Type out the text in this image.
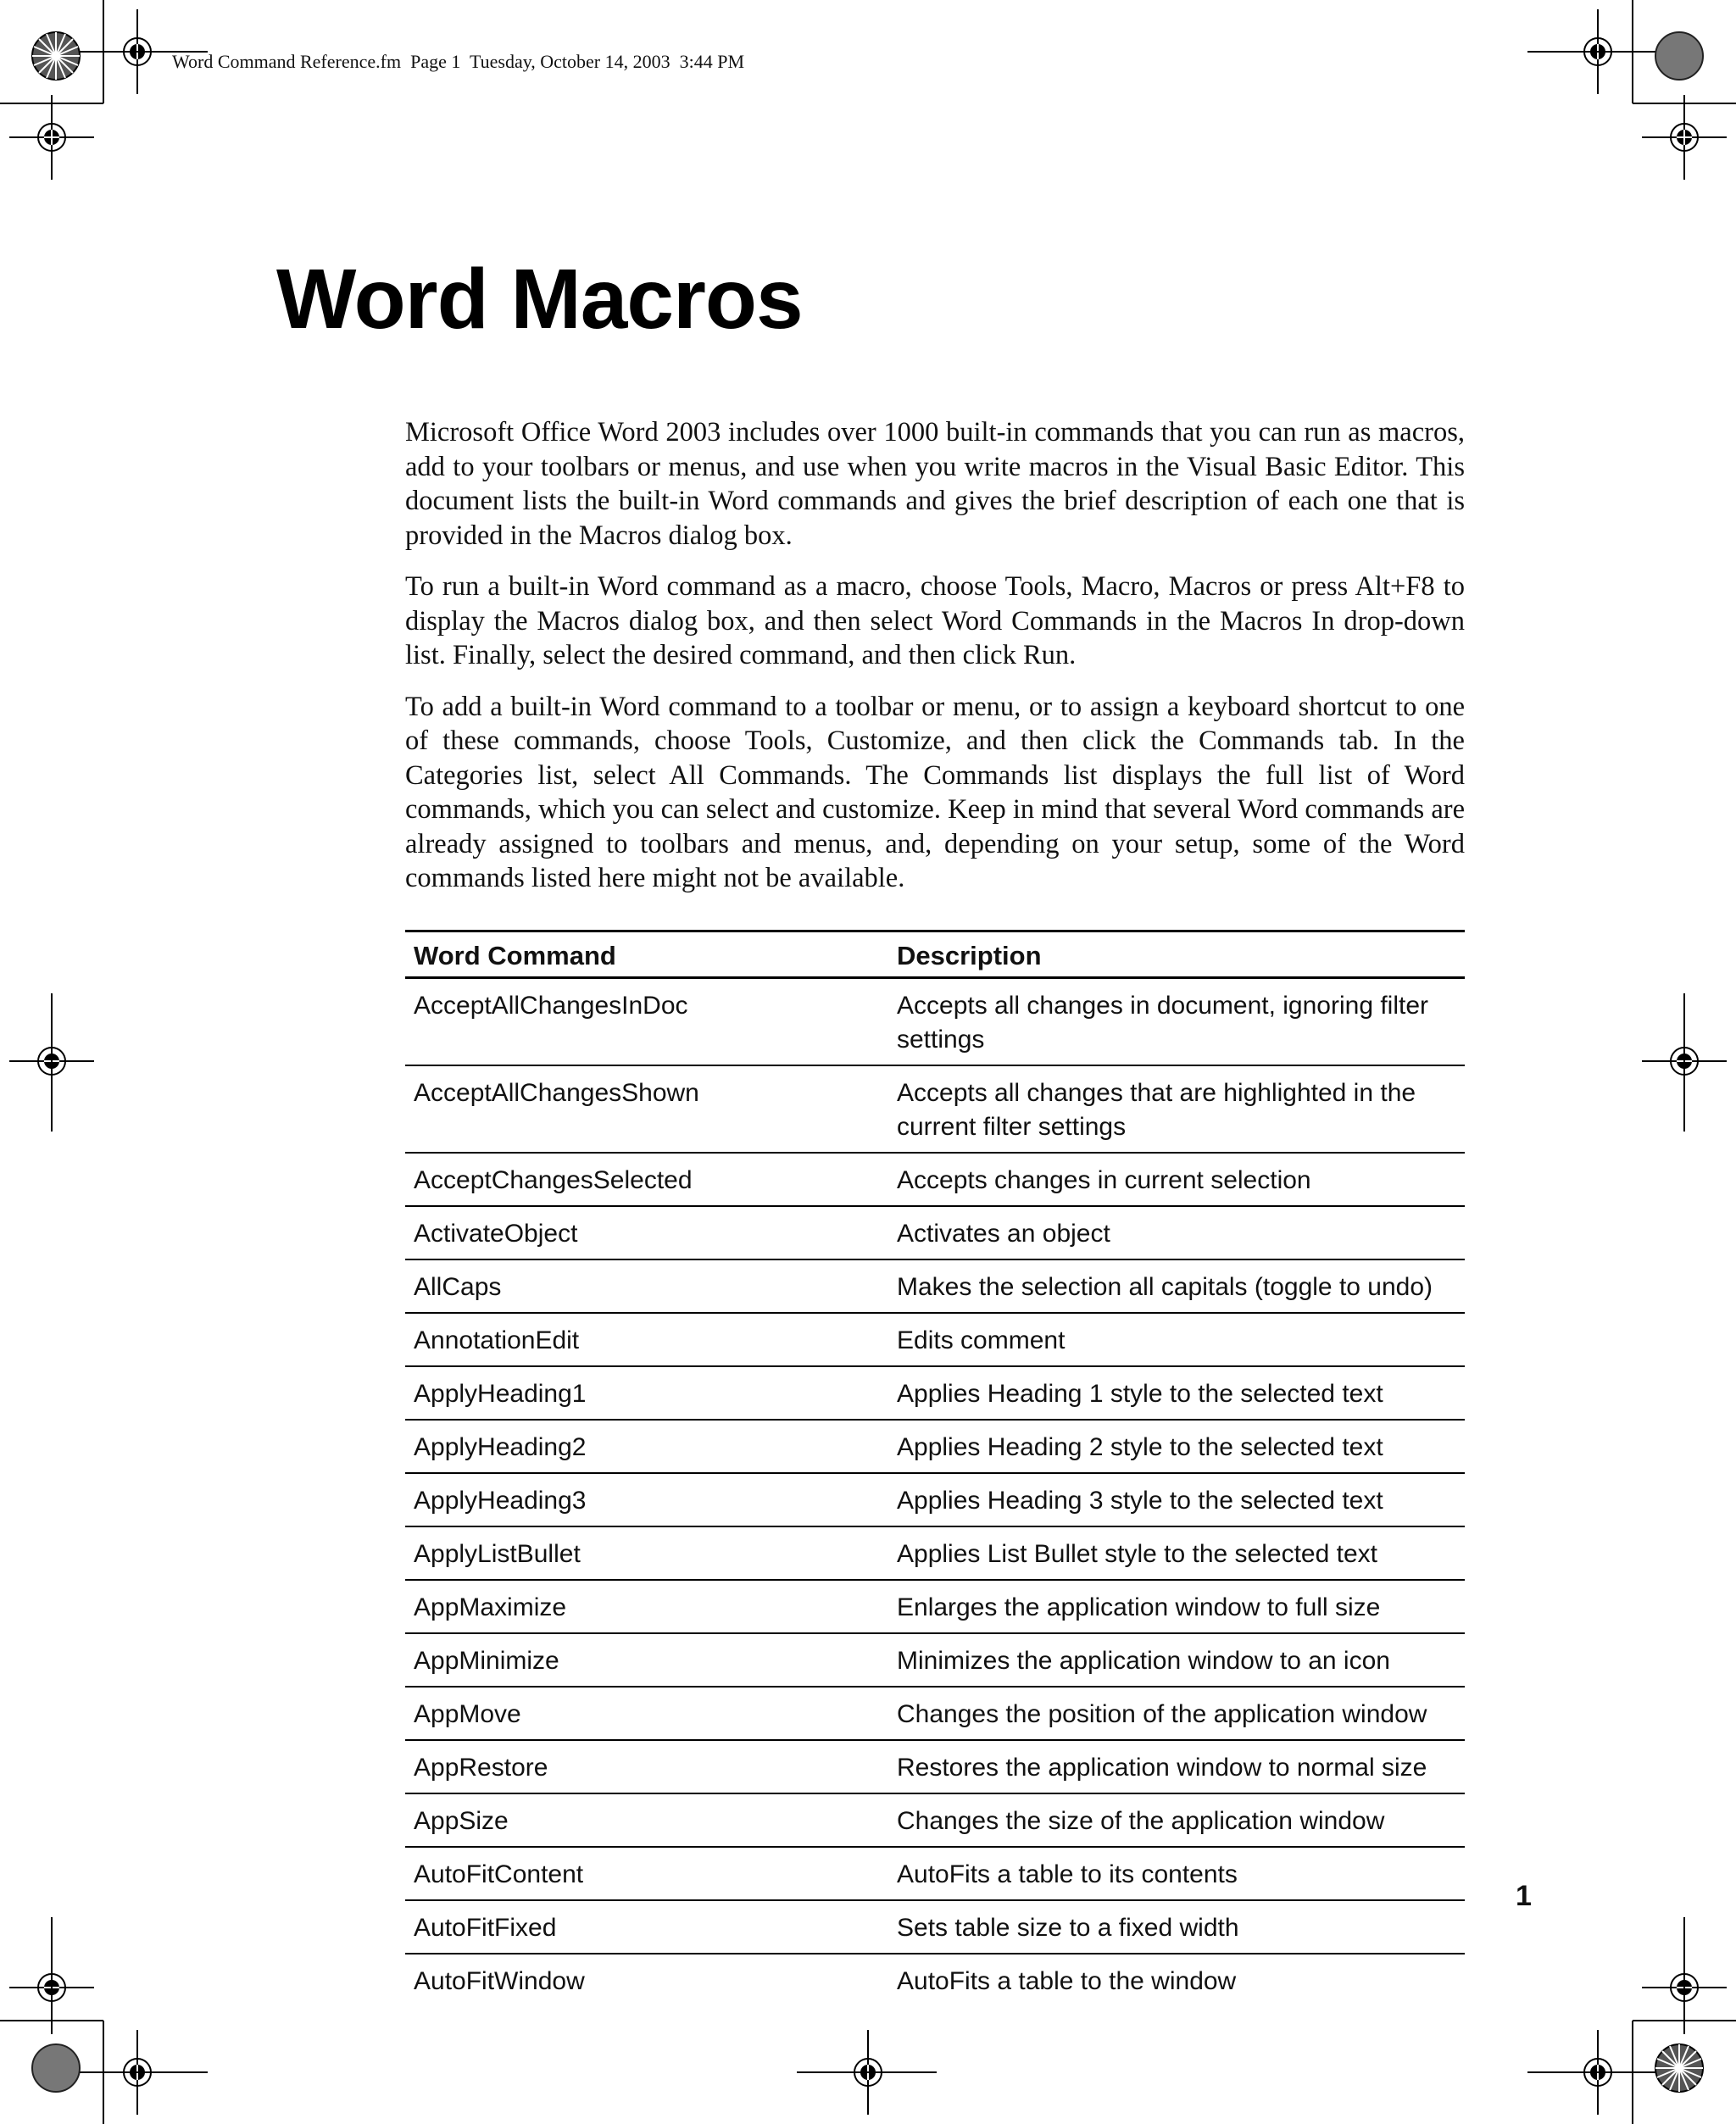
Word Command Reference.fm  Page 1  Tuesday, October 14, 2003  3:44 PM
Word Macros

Microsoft Office Word 2003 includes over 1000 built-in commands that you can run as macros, add to your toolbars or menus, and use when you write macros in the Visual Basic Editor. This document lists the built-in Word commands and gives the brief description of each one that is provided in the Macros dialog box.

To run a built-in Word command as a macro, choose Tools, Macro, Macros or press Alt+F8 to display the Macros dialog box, and then select Word Commands in the Macros In drop-down list. Finally, select the desired command, and then click Run.

To add a built-in Word command to a toolbar or menu, or to assign a keyboard shortcut to one of these commands, choose Tools, Customize, and then click the Commands tab. In the Categories list, select All Commands. The Commands list displays the full list of Word commands, which you can select and customize. Keep in mind that several Word commands are already assigned to toolbars and menus, and, depending on your setup, some of the Word commands listed here might not be available.

Word Command	Description
AcceptAllChangesInDoc	Accepts all changes in document, ignoring filter settings
AcceptAllChangesShown	Accepts all changes that are highlighted in the current filter settings
AcceptChangesSelected	Accepts changes in current selection
ActivateObject	Activates an object
AllCaps	Makes the selection all capitals (toggle to undo)
AnnotationEdit	Edits comment
ApplyHeading1	Applies Heading 1 style to the selected text
ApplyHeading2	Applies Heading 2 style to the selected text
ApplyHeading3	Applies Heading 3 style to the selected text
ApplyListBullet	Applies List Bullet style to the selected text
AppMaximize	Enlarges the application window to full size
AppMinimize	Minimizes the application window to an icon
AppMove	Changes the position of the application window
AppRestore	Restores the application window to normal size
AppSize	Changes the size of the application window
AutoFitContent	AutoFits a table to its contents
AutoFitFixed	Sets table size to a fixed width
AutoFitWindow	AutoFits a table to the window
1
